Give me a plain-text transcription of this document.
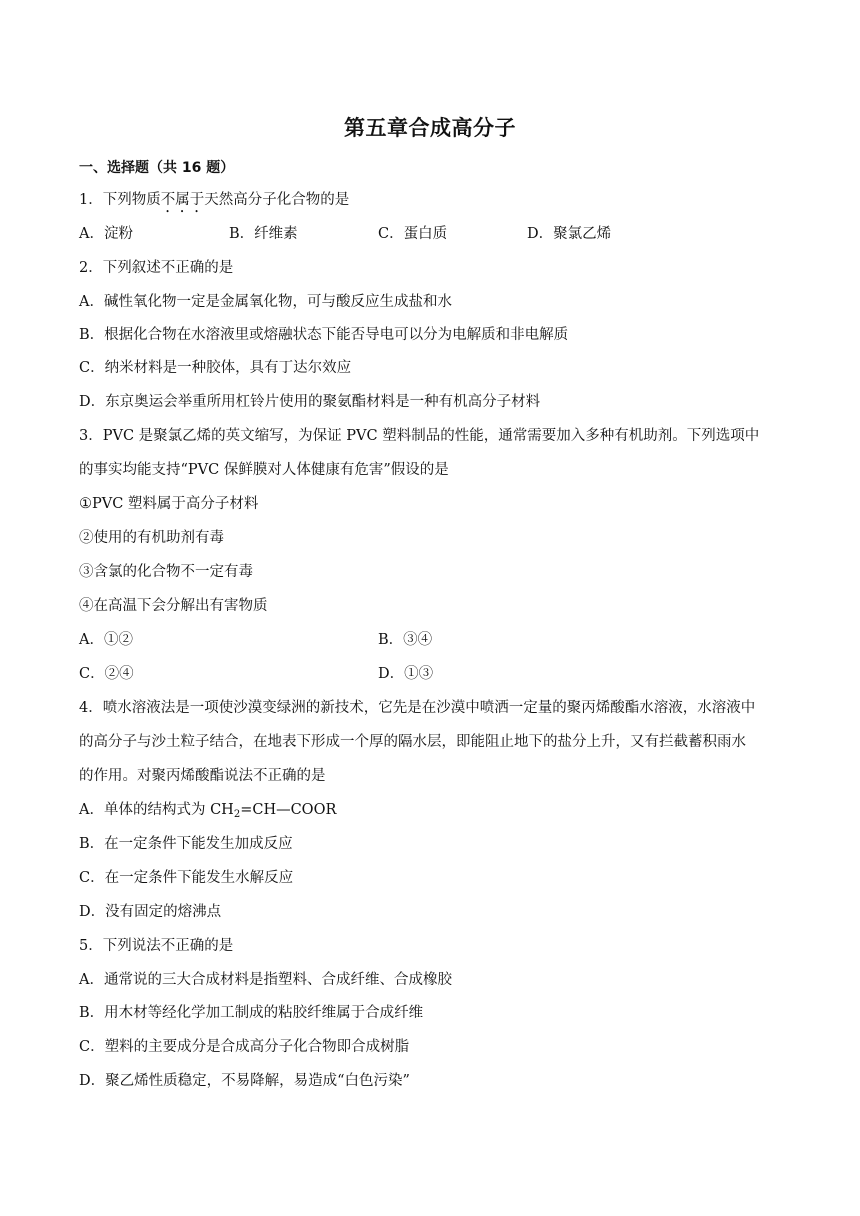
第五章合成高分子
一、选择题（共 16 题）
1．下列物质不属于天然高分子化合物的是
A．淀粉	B．纤维素	C．蛋白质	D．聚氯乙烯
2．下列叙述不正确的是
A．碱性氧化物一定是金属氧化物，可与酸反应生成盐和水
B．根据化合物在水溶液里或熔融状态下能否导电可以分为电解质和非电解质
C．纳米材料是一种胶体，具有丁达尔效应
D．东京奥运会举重所用杠铃片使用的聚氨酯材料是一种有机高分子材料
3．PVC 是聚氯乙烯的英文缩写，为保证 PVC 塑料制品的性能，通常需要加入多种有机助剂。下列选项中
的事实均能支持“PVC 保鲜膜对人体健康有危害”假设的是
①PVC 塑料属于高分子材料
②使用的有机助剂有毒
③含氯的化合物不一定有毒
④在高温下会分解出有害物质
A．①②	B．③④
C．②④	D．①③
4．喷水溶液法是一项使沙漠变绿洲的新技术，它先是在沙漠中喷洒一定量的聚丙烯酸酯水溶液，水溶液中
的高分子与沙土粒子结合，在地表下形成一个厚的隔水层，即能阻止地下的盐分上升，又有拦截蓄积雨水
的作用。对聚丙烯酸酯说法不正确的是
A．单体的结构式为 $CH_2=CH—COOR$
B．在一定条件下能发生加成反应
C．在一定条件下能发生水解反应
D．没有固定的熔沸点
5．下列说法不正确的是
A．通常说的三大合成材料是指塑料、合成纤维、合成橡胶
B．用木材等经化学加工制成的粘胶纤维属于合成纤维
C．塑料的主要成分是合成高分子化合物即合成树脂
D．聚乙烯性质稳定，不易降解，易造成“白色污染”
